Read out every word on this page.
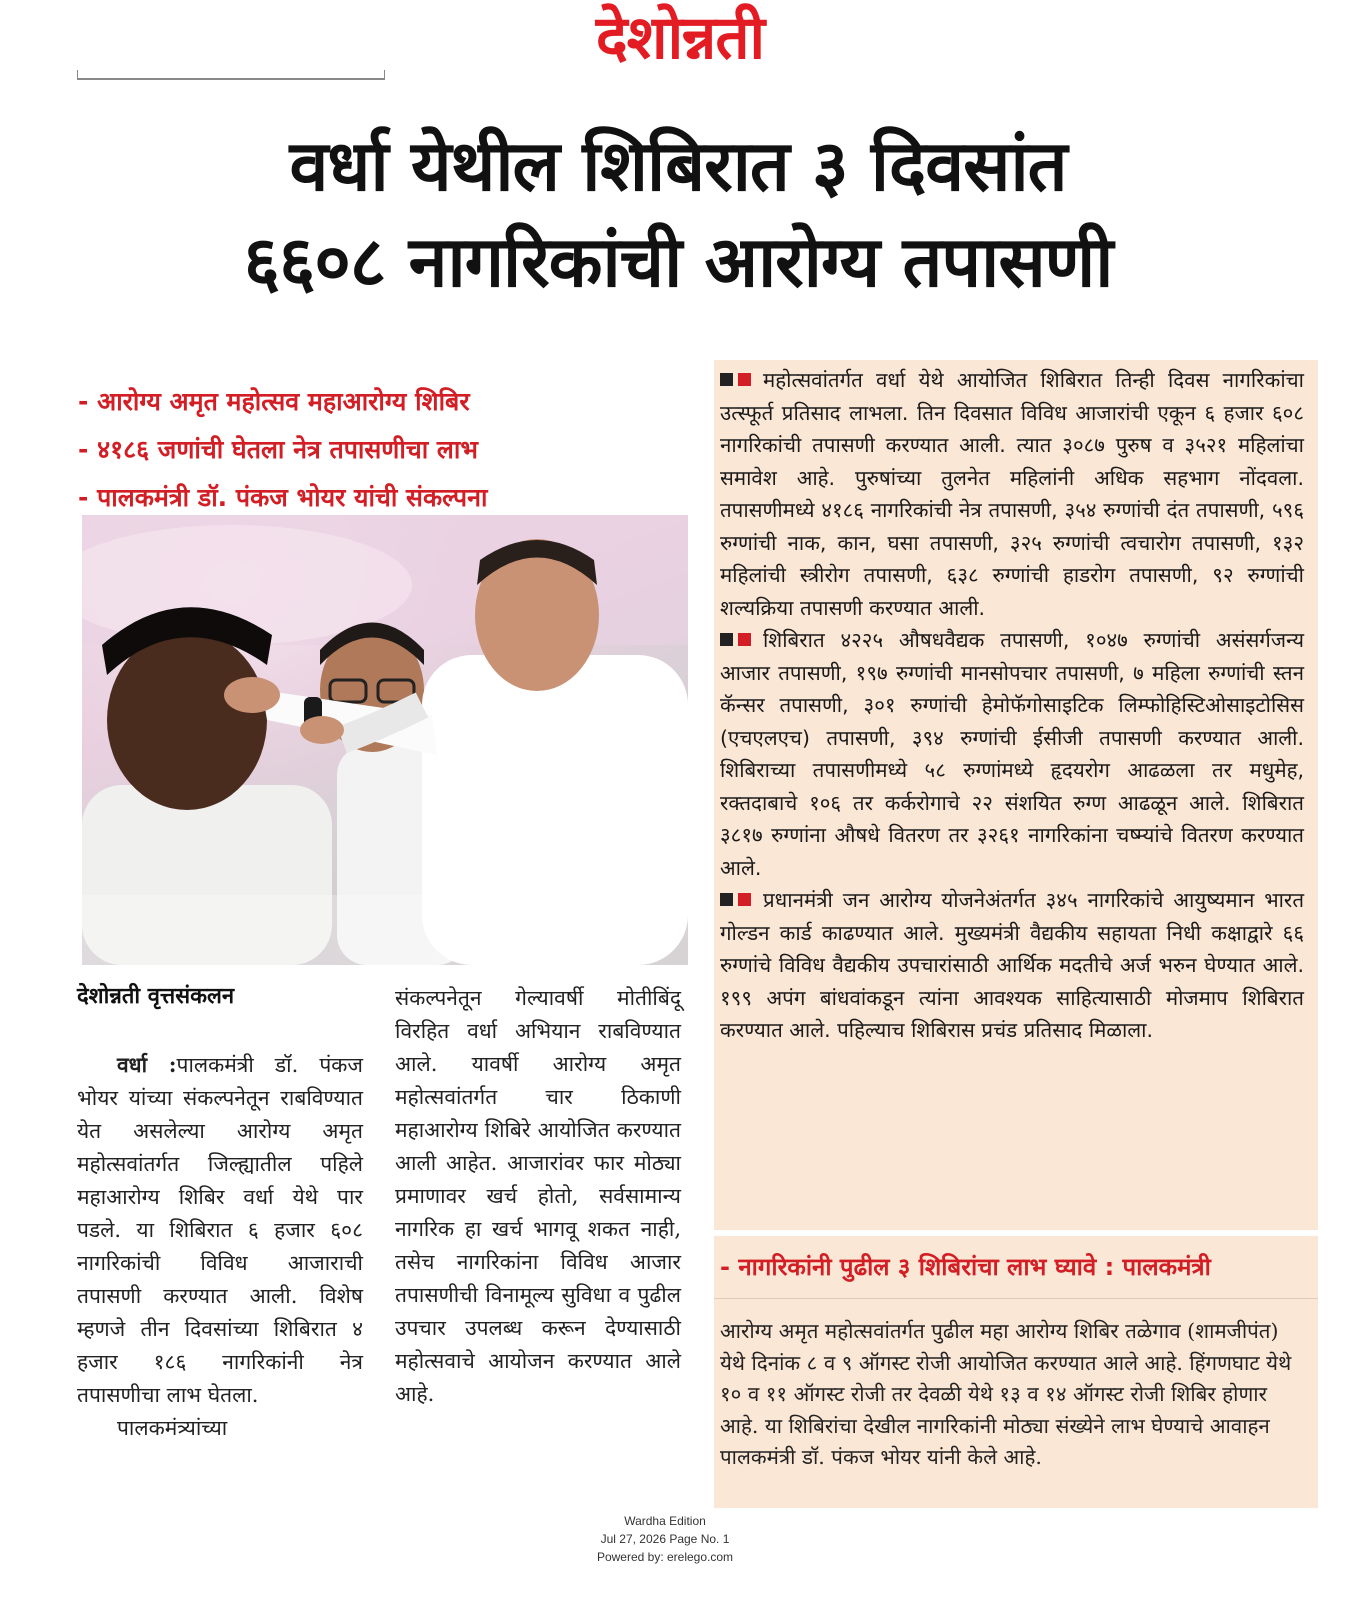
देशोन्नती
वर्धा येथील शिबिरात ३ दिवसांत
६६०८ नागरिकांची आरोग्य तपासणी
- आरोग्य अमृत महोत्सव महाआरोग्य शिबिर
- ४१८६ जणांची घेतला नेत्र तपासणीचा लाभ
- पालकमंत्री डॉ. पंकज भोयर यांची संकल्पना
देशोन्नती वृत्तसंकलन

वर्धा :पालकमंत्री डॉ. पंकज भोयर यांच्या संकल्पनेतून राबविण्यात येत असलेल्या आरोग्य अमृत महोत्सवांतर्गत जिल्ह्यातील पहिले महाआरोग्य शिबिर वर्धा येथे पार पडले. या शिबिरात ६ हजार ६०८ नागरिकांची विविध आजाराची तपासणी करण्यात आली. विशेष म्हणजे तीन दिवसांच्या शिबिरात ४ हजार १८६ नागरिकांनी नेत्र तपासणीचा लाभ घेतला.

पालकमंत्र्यांच्या

संकल्पनेतून गेल्यावर्षी मोतीबिंदू विरहित वर्धा अभियान राबविण्यात आले. यावर्षी आरोग्य अमृत महोत्सवांतर्गत चार ठिकाणी महाआरोग्य शिबिरे आयोजित करण्यात आली आहेत. आजारांवर फार मोठ्या प्रमाणावर खर्च होतो, सर्वसामान्य नागरिक हा खर्च भागवू शकत नाही, तसेच नागरिकांना विविध आजार तपासणीची विनामूल्य सुविधा व पुढील उपचार उपलब्ध करून देण्यासाठी महोत्सवाचे आयोजन करण्यात आले आहे.

महोत्सवांतर्गत वर्धा येथे आयोजित शिबिरात तिन्ही दिवस नागरिकांचा उत्स्फूर्त प्रतिसाद लाभला. तिन दिवसात विविध आजारांची एकून ६ हजार ६०८ नागरिकांची तपासणी करण्यात आली. त्यात ३०८७ पुरुष व ३५२१ महिलांचा समावेश आहे. पुरुषांच्या तुलनेत महिलांनी अधिक सहभाग नोंदवला. तपासणीमध्ये ४१८६ नागरिकांची नेत्र तपासणी, ३५४ रुग्णांची दंत तपासणी, ५९६ रुग्णांची नाक, कान, घसा तपासणी, ३२५ रुग्णांची त्वचारोग तपासणी, १३२ महिलांची स्त्रीरोग तपासणी, ६३८ रुग्णांची हाडरोग तपासणी, ९२ रुग्णांची शल्यक्रिया तपासणी करण्यात आली.

शिबिरात ४२२५ औषधवैद्यक तपासणी, १०४७ रुग्णांची असंसर्गजन्य आजार तपासणी, १९७ रुग्णांची मानसोपचार तपासणी, ७ महिला रुग्णांची स्तन कॅन्सर तपासणी, ३०१ रुग्णांची हेमोफॅगोसाइटिक लिम्फोहिस्टिओसाइटोसिस (एचएलएच) तपासणी, ३९४ रुग्णांची ईसीजी तपासणी करण्यात आली. शिबिराच्या तपासणीमध्ये ५८ रुग्णांमध्ये हृदयरोग आढळला तर मधुमेह, रक्तदाबाचे १०६ तर कर्करोगाचे २२ संशयित रुग्ण आढळून आले. शिबिरात ३८१७ रुग्णांना औषधे वितरण तर ३२६१ नागरिकांना चष्म्यांचे वितरण करण्यात आले.

प्रधानमंत्री जन आरोग्य योजनेअंतर्गत ३४५ नागरिकांचे आयुष्यमान भारत गोल्डन कार्ड काढण्यात आले. मुख्यमंत्री वैद्यकीय सहायता निधी कक्षाद्वारे ६६ रुग्णांचे विविध वैद्यकीय उपचारांसाठी आर्थिक मदतीचे अर्ज भरुन घेण्यात आले. १९९ अपंग बांधवांकडून त्यांना आवश्यक साहित्यासाठी मोजमाप शिबिरात करण्यात आले. पहिल्याच शिबिरास प्रचंड प्रतिसाद मिळाला.

- नागरिकांनी पुढील ३ शिबिरांचा लाभ घ्यावे : पालकमंत्री
आरोग्य अमृत महोत्सवांतर्गत पुढील महा आरोग्य शिबिर तळेगाव (शामजीपंत) येथे दिनांक ८ व ९ ऑगस्ट रोजी आयोजित करण्यात आले आहे. हिंगणघाट येथे १० व ११ ऑगस्ट रोजी तर देवळी येथे १३ व १४ ऑगस्ट रोजी शिबिर होणार आहे. या शिबिरांचा देखील नागरिकांनी मोठ्या संख्येने लाभ घेण्याचे आवाहन पालकमंत्री डॉ. पंकज भोयर यांनी केले आहे.
Wardha Edition
Jul 27, 2026 Page No. 1
Powered by: erelego.com
